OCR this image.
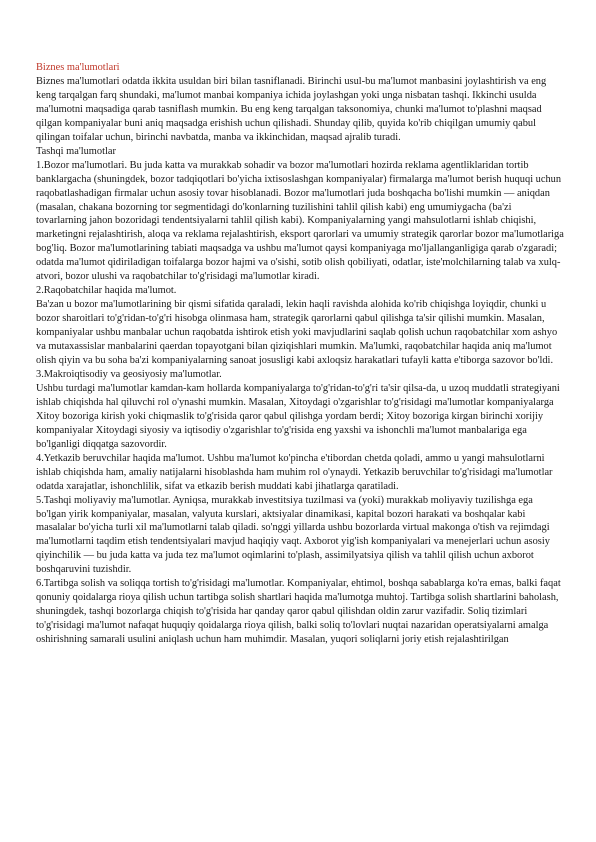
Biznes ma'lumotlari

Biznes ma'lumotlari odatda ikkita usuldan biri bilan tasniflanadi. Birinchi usul-bu ma'lumot manbasini joylashtirish va eng keng tarqalgan farq shundaki, ma'lumot manbai kompaniya ichida joylashgan yoki unga nisbatan tashqi. Ikkinchi usulda ma'lumotni maqsadiga qarab tasniflash mumkin. Bu eng keng tarqalgan taksonomiya, chunki ma'lumot to'plashni maqsad qilgan kompaniyalar buni aniq maqsadga erishish uchun qilishadi. Shunday qilib, quyida ko'rib chiqilgan umumiy qabul qilingan toifalar uchun, birinchi navbatda, manba va ikkinchidan, maqsad ajralib turadi.

Tashqi ma'lumotlar

1.Bozor ma'lumotlari. Bu juda katta va murakkab sohadir va bozor ma'lumotlari hozirda reklama agentliklaridan tortib banklargacha (shuningdek, bozor tadqiqotlari bo'yicha ixtisoslashgan kompaniyalar) firmalarga ma'lumot berish huquqi uchun raqobatlashadigan firmalar uchun asosiy tovar hisoblanadi. Bozor ma'lumotlari juda boshqacha bo'lishi mumkin — aniqdan (masalan, chakana bozorning tor segmentidagi do'konlarning tuzilishini tahlil qilish kabi) eng umumiygacha (ba'zi tovarlarning jahon bozoridagi tendentsiyalarni tahlil qilish kabi). Kompaniyalarning yangi mahsulotlarni ishlab chiqishi, marketingni rejalashtirish, aloqa va reklama rejalashtirish, eksport qarorlari va umumiy strategik qarorlar bozor ma'lumotlariga bog'liq. Bozor ma'lumotlarining tabiati maqsadga va ushbu ma'lumot qaysi kompaniyaga mo'ljallanganligiga qarab o'zgaradi; odatda ma'lumot qidiriladigan toifalarga bozor hajmi va o'sishi, sotib olish qobiliyati, odatlar, iste'molchilarning talab va xulq-atvori, bozor ulushi va raqobatchilar to'g'risidagi ma'lumotlar kiradi.

2.Raqobatchilar haqida ma'lumot.

Ba'zan u bozor ma'lumotlarining bir qismi sifatida qaraladi, lekin haqli ravishda alohida ko'rib chiqishga loyiqdir, chunki u bozor sharoitlari to'g'ridan-to'g'ri hisobga olinmasa ham, strategik qarorlarni qabul qilishga ta'sir qilishi mumkin. Masalan, kompaniyalar ushbu manbalar uchun raqobatda ishtirok etish yoki mavjudlarini saqlab qolish uchun raqobatchilar xom ashyo va mutaxassislar manbalarini qaerdan topayotgani bilan qiziqishlari mumkin. Ma'lumki, raqobatchilar haqida aniq ma'lumot olish qiyin va bu soha ba'zi kompaniyalarning sanoat josusligi kabi axloqsiz harakatlari tufayli katta e'tiborga sazovor bo'ldi.

3.Makroiqtisodiy va geosiyosiy ma'lumotlar.

Ushbu turdagi ma'lumotlar kamdan-kam hollarda kompaniyalarga to'g'ridan-to'g'ri ta'sir qilsa-da, u uzoq muddatli strategiyani ishlab chiqishda hal qiluvchi rol o'ynashi mumkin. Masalan, Xitoydagi o'zgarishlar to'g'risidagi ma'lumotlar kompaniyalarga Xitoy bozoriga kirish yoki chiqmaslik to'g'risida qaror qabul qilishga yordam berdi; Xitoy bozoriga kirgan birinchi xorijiy kompaniyalar Xitoydagi siyosiy va iqtisodiy o'zgarishlar to'g'risida eng yaxshi va ishonchli ma'lumot manbalariga ega bo'lganligi diqqatga sazovordir.

4.Yetkazib beruvchilar haqida ma'lumot. Ushbu ma'lumot ko'pincha e'tibordan chetda qoladi, ammo u yangi mahsulotlarni ishlab chiqishda ham, amaliy natijalarni hisoblashda ham muhim rol o'ynaydi. Yetkazib beruvchilar to'g'risidagi ma'lumotlar odatda xarajatlar, ishonchlilik, sifat va etkazib berish muddati kabi jihatlarga qaratiladi.

5.Tashqi moliyaviy ma'lumotlar. Ayniqsa, murakkab investitsiya tuzilmasi va (yoki) murakkab moliyaviy tuzilishga ega bo'lgan yirik kompaniyalar, masalan, valyuta kurslari, aktsiyalar dinamikasi, kapital bozori harakati va boshqalar kabi masalalar bo'yicha turli xil ma'lumotlarni talab qiladi. so'nggi yillarda ushbu bozorlarda virtual makonga o'tish va rejimdagi ma'lumotlarni taqdim etish tendentsiyalari mavjud haqiqiy vaqt. Axborot yig'ish kompaniyalari va menejerlari uchun asosiy qiyinchilik — bu juda katta va juda tez ma'lumot oqimlarini to'plash, assimilyatsiya qilish va tahlil qilish uchun axborot boshqaruvini tuzishdir.

6.Tartibga solish va soliqqa tortish to'g'risidagi ma'lumotlar. Kompaniyalar, ehtimol, boshqa sabablarga ko'ra emas, balki faqat qonuniy qoidalarga rioya qilish uchun tartibga solish shartlari haqida ma'lumotga muhtoj. Tartibga solish shartlarini baholash, shuningdek, tashqi bozorlarga chiqish to'g'risida har qanday qaror qabul qilishdan oldin zarur vazifadir. Soliq tizimlari to'g'risidagi ma'lumot nafaqat huquqiy qoidalarga rioya qilish, balki soliq to'lovlari nuqtai nazaridan operatsiyalarni amalga oshirishning samarali usulini aniqlash uchun ham muhimdir. Masalan, yuqori soliqlarni joriy etish rejalashtirilgan
